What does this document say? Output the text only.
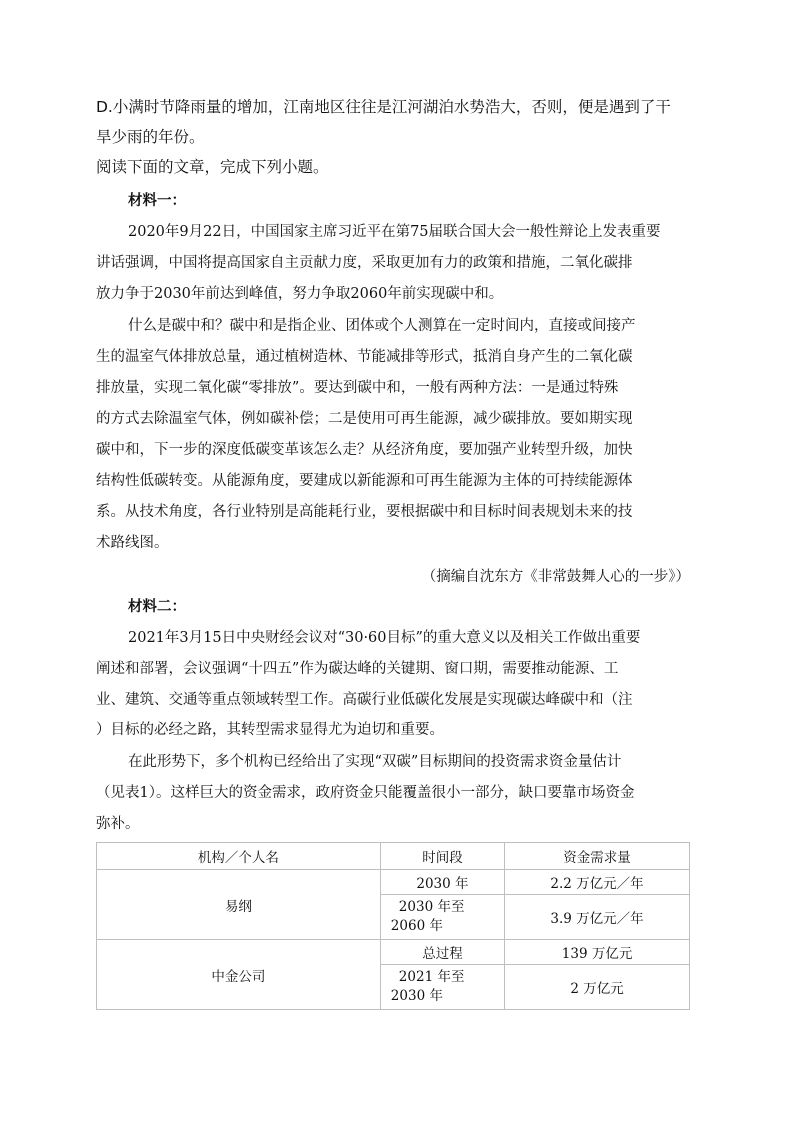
D.小满时节降雨量的增加，江南地区往往是江河湖泊水势浩大，否则，便是遇到了干
旱少雨的年份。
阅读下面的文章，完成下列小题。
材料一：
2020年9月22日，中国国家主席习近平在第75届联合国大会一般性辩论上发表重要
讲话强调，中国将提高国家自主贡献力度，采取更加有力的政策和措施，二氧化碳排
放力争于2030年前达到峰值，努力争取2060年前实现碳中和。
什么是碳中和？碳中和是指企业、团体或个人测算在一定时间内，直接或间接产
生的温室气体排放总量，通过植树造林、节能减排等形式，抵消自身产生的二氧化碳
排放量，实现二氧化碳“零排放”。要达到碳中和，一般有两种方法：一是通过特殊
的方式去除温室气体，例如碳补偿；二是使用可再生能源，减少碳排放。要如期实现
碳中和，下一步的深度低碳变革该怎么走？从经济角度，要加强产业转型升级，加快
结构性低碳转变。从能源角度，要建成以新能源和可再生能源为主体的可持续能源体
系。从技术角度，各行业特别是高能耗行业，要根据碳中和目标时间表规划未来的技
术路线图。
（摘编自沈东方《非常鼓舞人心的一步》）
材料二：
2021年3月15日中央财经会议对“30·60目标”的重大意义以及相关工作做出重要
阐述和部署，会议强调“十四五”作为碳达峰的关键期、窗口期，需要推动能源、工
业、建筑、交通等重点领域转型工作。高碳行业低碳化发展是实现碳达峰碳中和（注
）目标的必经之路，其转型需求显得尤为迫切和重要。
在此形势下，多个机构已经给出了实现“双碳”目标期间的投资需求资金量估计
（见表1）。这样巨大的资金需求，政府资金只能覆盖很小一部分，缺口要靠市场资金
弥补。
机构／个人名	时间段	资金需求量
易纲	2030 年	2.2 万亿元／年

	2030 年至
2060 年	3.9 万亿元／年
中金公司	总过程	139 万亿元

	2021 年至
2030 年	2 万亿元
